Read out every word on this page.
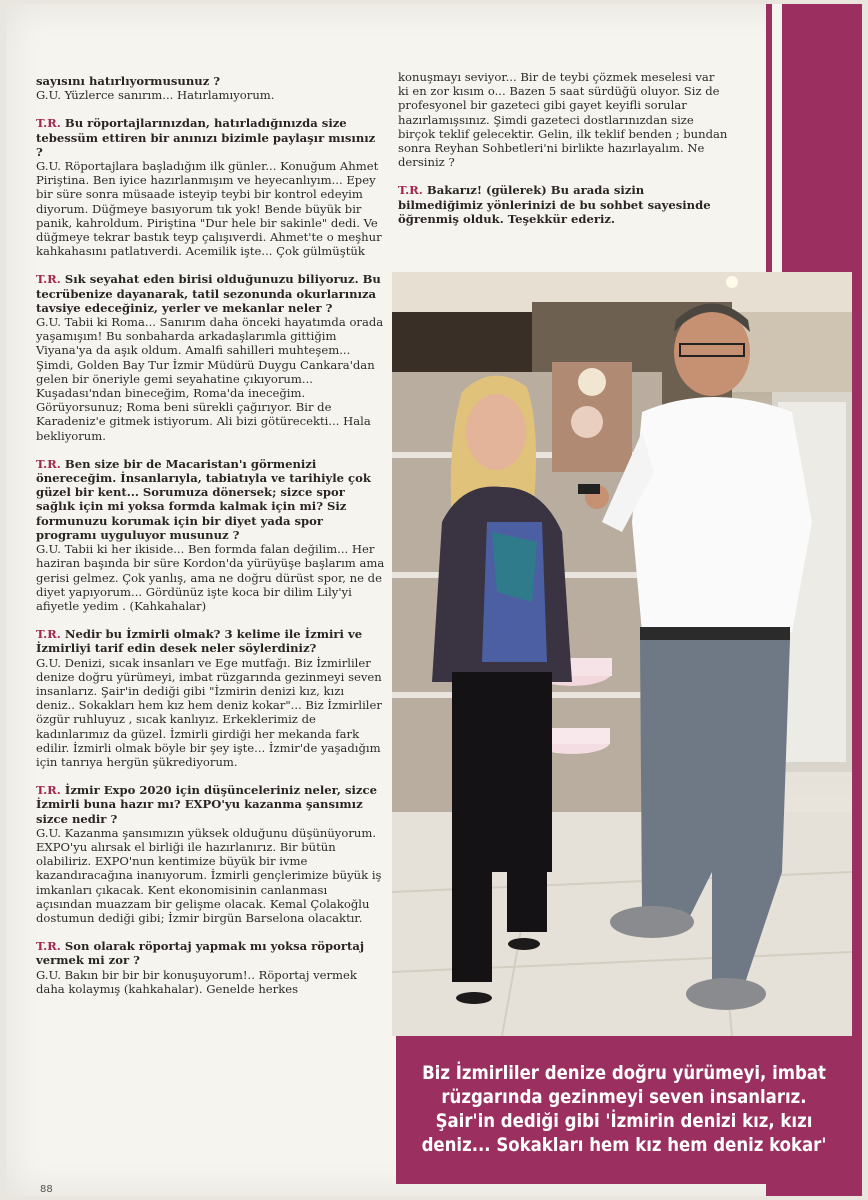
sayısını hatırlıyormusunuz ?
G.U. Yüzlerce sanırım... Hatırlamıyorum.
T.R. Bu röportajlarınızdan, hatırladığınızda size tebessüm ettiren bir anınızı bizimle paylaşır mısınız ?
G.U. Röportajlara başladığım ilk günler... Konuğum Ahmet Piriştina. Ben iyice hazırlanmışım ve heyecanlıyım... Epey bir süre sonra müsaade isteyip teybi bir kontrol edeyim diyorum. Düğmeye basıyorum tık yok! Bende büyük bir panik, kahroldum. Piriştina "Dur hele bir sakinle" dedi. Ve düğmeye tekrar bastık teyp çalışıverdi. Ahmet'te o meşhur kahkahasını patlatıverdi. Acemilik işte... Çok gülmüştük
T.R. Sık seyahat eden birisi olduğunuzu biliyoruz. Bu tecrübenize dayanarak, tatil sezonunda okurlarınıza tavsiye edeceğiniz, yerler ve mekanlar neler ?
G.U. Tabii ki Roma... Sanırım daha önceki hayatımda orada yaşamışım! Bu sonbaharda arkadaşlarımla gittiğim Viyana'ya da aşık oldum. Amalfi sahilleri muhteşem... Şimdi, Golden Bay Tur İzmir Müdürü Duygu Cankara'dan gelen bir öneriyle gemi seyahatine çıkıyorum... Kuşadası'ndan bineceğim, Roma'da ineceğim. Görüyorsunuz; Roma beni sürekli çağırıyor. Bir de Karadeniz'e gitmek istiyorum. Ali bizi götürecekti... Hala bekliyorum.
T.R. Ben size bir de Macaristan'ı görmenizi önereceğim. İnsanlarıyla, tabiatıyla ve tarihiyle çok güzel bir kent... Sorumuza dönersek; sizce spor sağlık için mi yoksa formda kalmak için mi? Siz formunuzu korumak için bir diyet yada spor programı uyguluyor musunuz ?
G.U. Tabii ki her ikiside... Ben formda falan değilim... Her haziran başında bir süre Kordon'da yürüyüşe başlarım ama gerisi gelmez. Çok yanlış, ama ne doğru dürüst spor, ne de diyet yapıyorum... Gördünüz işte koca bir dilim Lily'yi afiyetle yedim . (Kahkahalar)
T.R. Nedir bu İzmirli olmak? 3 kelime ile İzmiri ve İzmirliyi tarif edin desek neler söylerdiniz?
G.U. Denizi, sıcak insanları ve Ege mutfağı. Biz İzmirliler denize doğru yürümeyi, imbat rüzgarında gezinmeyi seven insanlarız. Şair'in dediği gibi "İzmirin denizi kız, kızı deniz.. Sokakları hem kız hem deniz kokar"... Biz İzmirliler özgür ruhluyuz , sıcak kanlıyız. Erkeklerimiz de kadınlarımız da güzel. İzmirli girdiği her mekanda fark edilir. İzmirli olmak böyle bir şey işte... İzmir'de yaşadığım için tanrıya hergün şükrediyorum.
T.R. İzmir Expo 2020 için düşünceleriniz neler, sizce İzmirli buna hazır mı? EXPO'yu kazanma şansımız sizce nedir ?
G.U. Kazanma şansımızın yüksek olduğunu düşünüyorum. EXPO'yu alırsak el birliği ile hazırlanırız. Bir bütün olabiliriz. EXPO'nun kentimize büyük bir ivme kazandıracağına inanıyorum. İzmirli gençlerimize büyük iş imkanları çıkacak. Kent ekonomisinin canlanması açısından muazzam bir gelişme olacak. Kemal Çolakoğlu dostumun dediği gibi; İzmir birgün Barselona olacaktır.
T.R. Son olarak röportaj yapmak mı yoksa röportaj vermek mi zor ?
G.U. Bakın bir bir bir konuşuyorum!.. Röportaj vermek daha kolaymış (kahkahalar). Genelde herkes
konuşmayı seviyor... Bir de teybi çözmek meselesi var ki en zor kısım o... Bazen 5 saat sürdüğü oluyor. Siz de profesyonel bir gazeteci gibi gayet keyifli sorular hazırlamışsınız. Şimdi gazeteci dostlarınızdan size birçok teklif gelecektir. Gelin, ilk teklif benden ; bundan sonra Reyhan Sohbetleri'ni birlikte hazırlayalım. Ne dersiniz ?
T.R. Bakarız! (gülerek) Bu arada sizin bilmediğimiz yönlerinizi de bu sohbet sayesinde öğrenmiş olduk. Teşekkür ederiz.
Biz İzmirliler denize doğru yürümeyi, imbat rüzgarında gezinmeyi seven insanlarız. Şair'in dediği gibi 'İzmirin denizi kız, kızı deniz... Sokakları hem kız hem deniz kokar'
88
